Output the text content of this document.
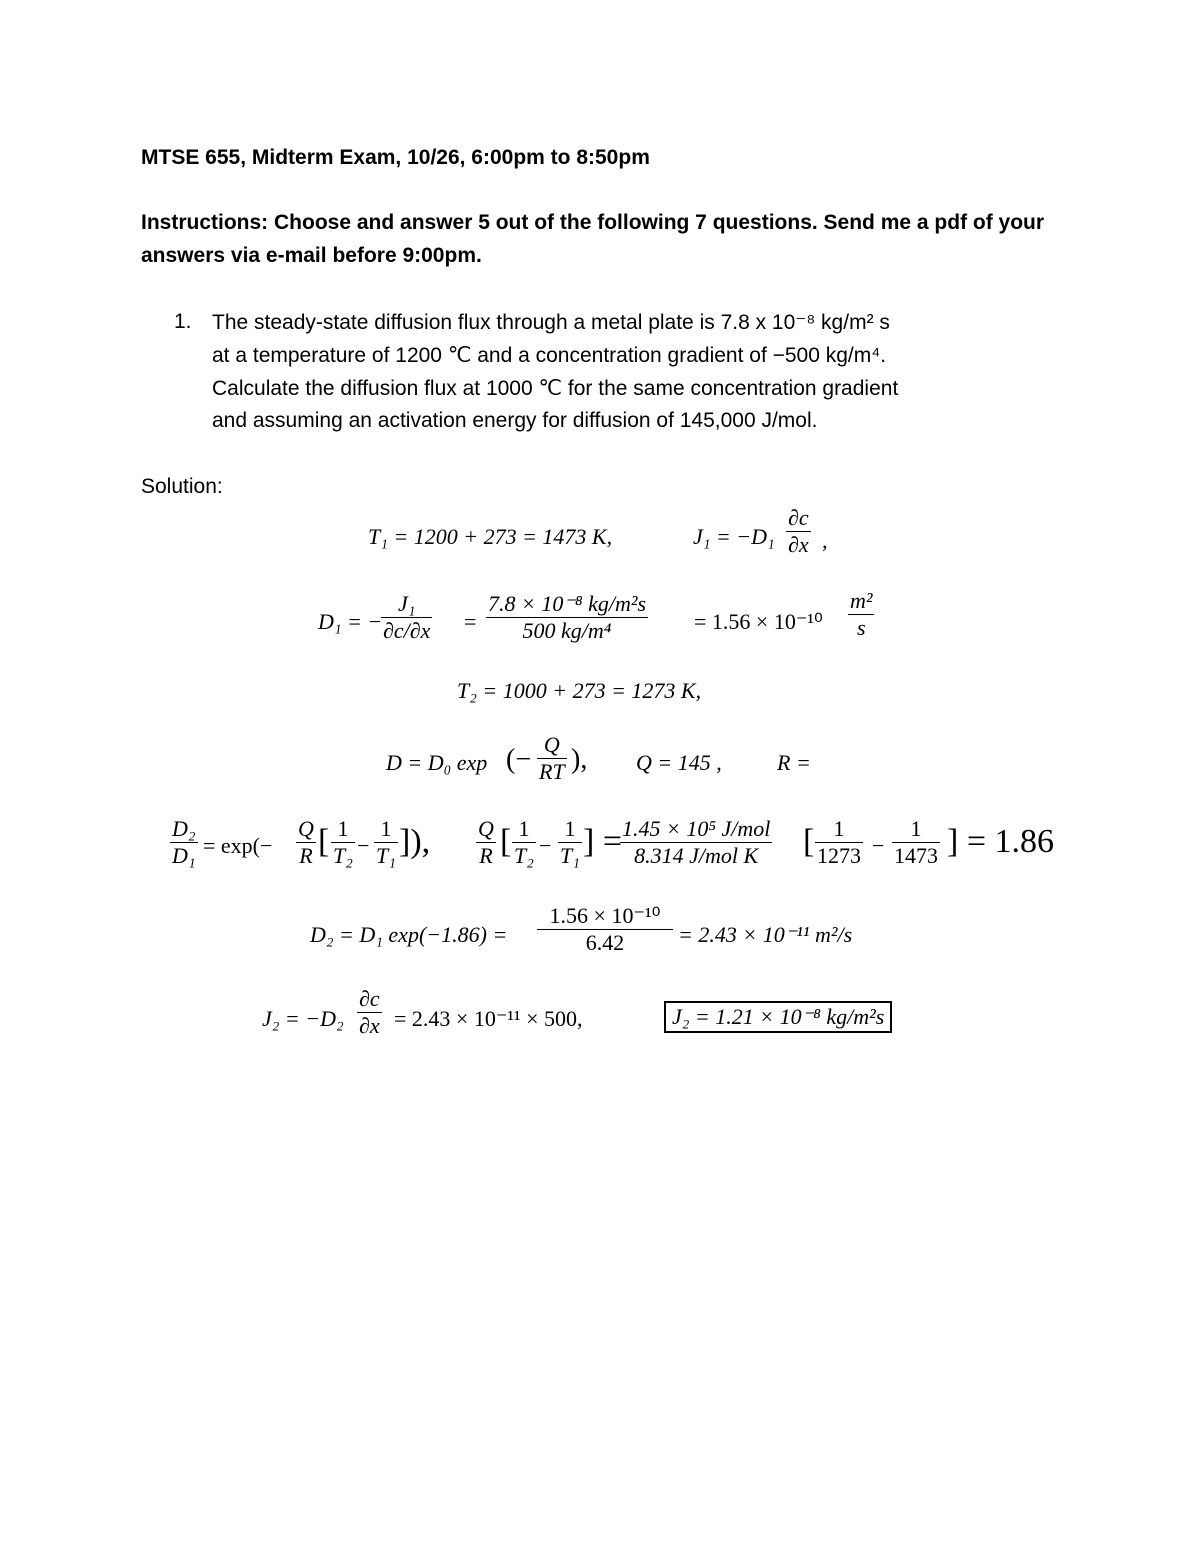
MTSE 655, Midterm Exam, 10/26, 6:00pm to 8:50pm
Instructions: Choose and answer 5 out of the following 7 questions. Send me a pdf of your
answers via e-mail before 9:00pm.
1. The steady-state diffusion flux through a metal plate is 7.8 x 10⁻⁸ kg/m² s
at a temperature of 1200 ℃ and a concentration gradient of −500 kg/m⁴.
Calculate the diffusion flux at 1000 ℃ for the same concentration gradient
and assuming an activation energy for diffusion of 145,000 J/mol.
Solution:
T₁ = 1200 + 273 = 1473 K,	J₁ = −D₁
∂c
∂x ,
D₁ = −
J₁
∂c/∂x =
7.8 × 10⁻⁸ kg/m²s
500 kg/m⁴	= 1.56 × 10⁻¹⁰
m²
s
T₂ = 1000 + 273 = 1273 K,
D = D₀ exp (− Q
RT ), Q = 145 ,	R =
D₂
D₁ = exp(−
Q
R [ 1
T₂ −
1
T₁ ]), Q
R [ 1
T₂ −
1
T₁ ] = 1.45 × 10⁵ J/mol
8.314 J/mol K [ 1
1273 −
1
1473 ] = 1.86
D₂ = D₁ exp(−1.86) =
1.56 × 10⁻¹⁰
6.42 = 2.43 × 10⁻¹¹ m²/s
J₂ = −D₂
∂c
∂x = 2.43 × 10⁻¹¹ × 500,	J₂ = 1.21 × 10⁻⁸ kg/m²s
